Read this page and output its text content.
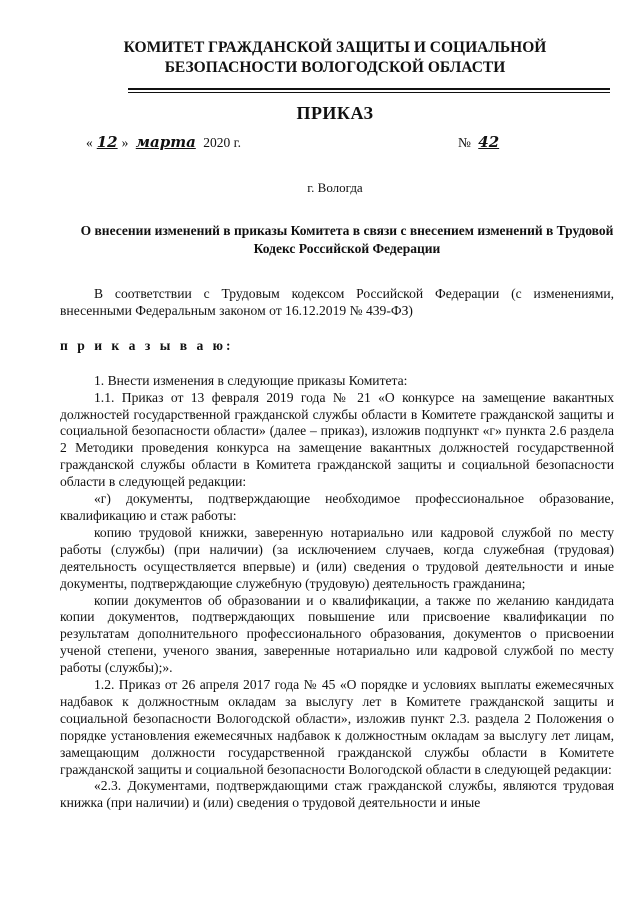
КОМИТЕТ ГРАЖДАНСКОЙ ЗАЩИТЫ И СОЦИАЛЬНОЙ
БЕЗОПАСНОСТИ ВОЛОГОДСКОЙ ОБЛАСТИ
ПРИКАЗ
« 12 » марта 2020 г.	№ 42
г. Вологда
О внесении изменений в приказы Комитета в связи с внесением изменений в Трудовой Кодекс Российской Федерации

В соответствии с Трудовым кодексом Российской Федерации (с изменениями, внесенными Федеральным законом от 16.12.2019 № 439-ФЗ)

п р и к а з ы в а ю:

1. Внести изменения в следующие приказы Комитета:

1.1. Приказ от 13 февраля 2019 года № 21 «О конкурсе на замещение вакантных должностей государственной гражданской службы области в Комитете гражданской защиты и социальной безопасности области» (далее – приказ), изложив подпункт «г» пункта 2.6 раздела 2 Методики проведения конкурса на замещение вакантных должностей государственной гражданской службы области в Комитета гражданской защиты и социальной безопасности области в следующей редакции:

«г) документы, подтверждающие необходимое профессиональное образование, квалификацию и стаж работы:

копию трудовой книжки, заверенную нотариально или кадровой службой по месту работы (службы) (при наличии) (за исключением случаев, когда служебная (трудовая) деятельность осуществляется впервые) и (или) сведения о трудовой деятельности и иные документы, подтверждающие служебную (трудовую) деятельность гражданина;

копии документов об образовании и о квалификации, а также по желанию кандидата копии документов, подтверждающих повышение или присвоение квалификации по результатам дополнительного профессионального образования, документов о присвоении ученой степени, ученого звания, заверенные нотариально или кадровой службой по месту работы (службы);».

1.2. Приказ от 26 апреля 2017 года № 45 «О порядке и условиях выплаты ежемесячных надбавок к должностным окладам за выслугу лет в Комитете гражданской защиты и социальной безопасности Вологодской области», изложив пункт 2.3. раздела 2 Положения о порядке установления ежемесячных надбавок к должностным окладам за выслугу лет лицам, замещающим должности государственной гражданской службы области в Комитете гражданской защиты и социальной безопасности Вологодской области в следующей редакции:

«2.3. Документами, подтверждающими стаж гражданской службы, являются трудовая книжка (при наличии) и (или) сведения о трудовой деятельности и иные
